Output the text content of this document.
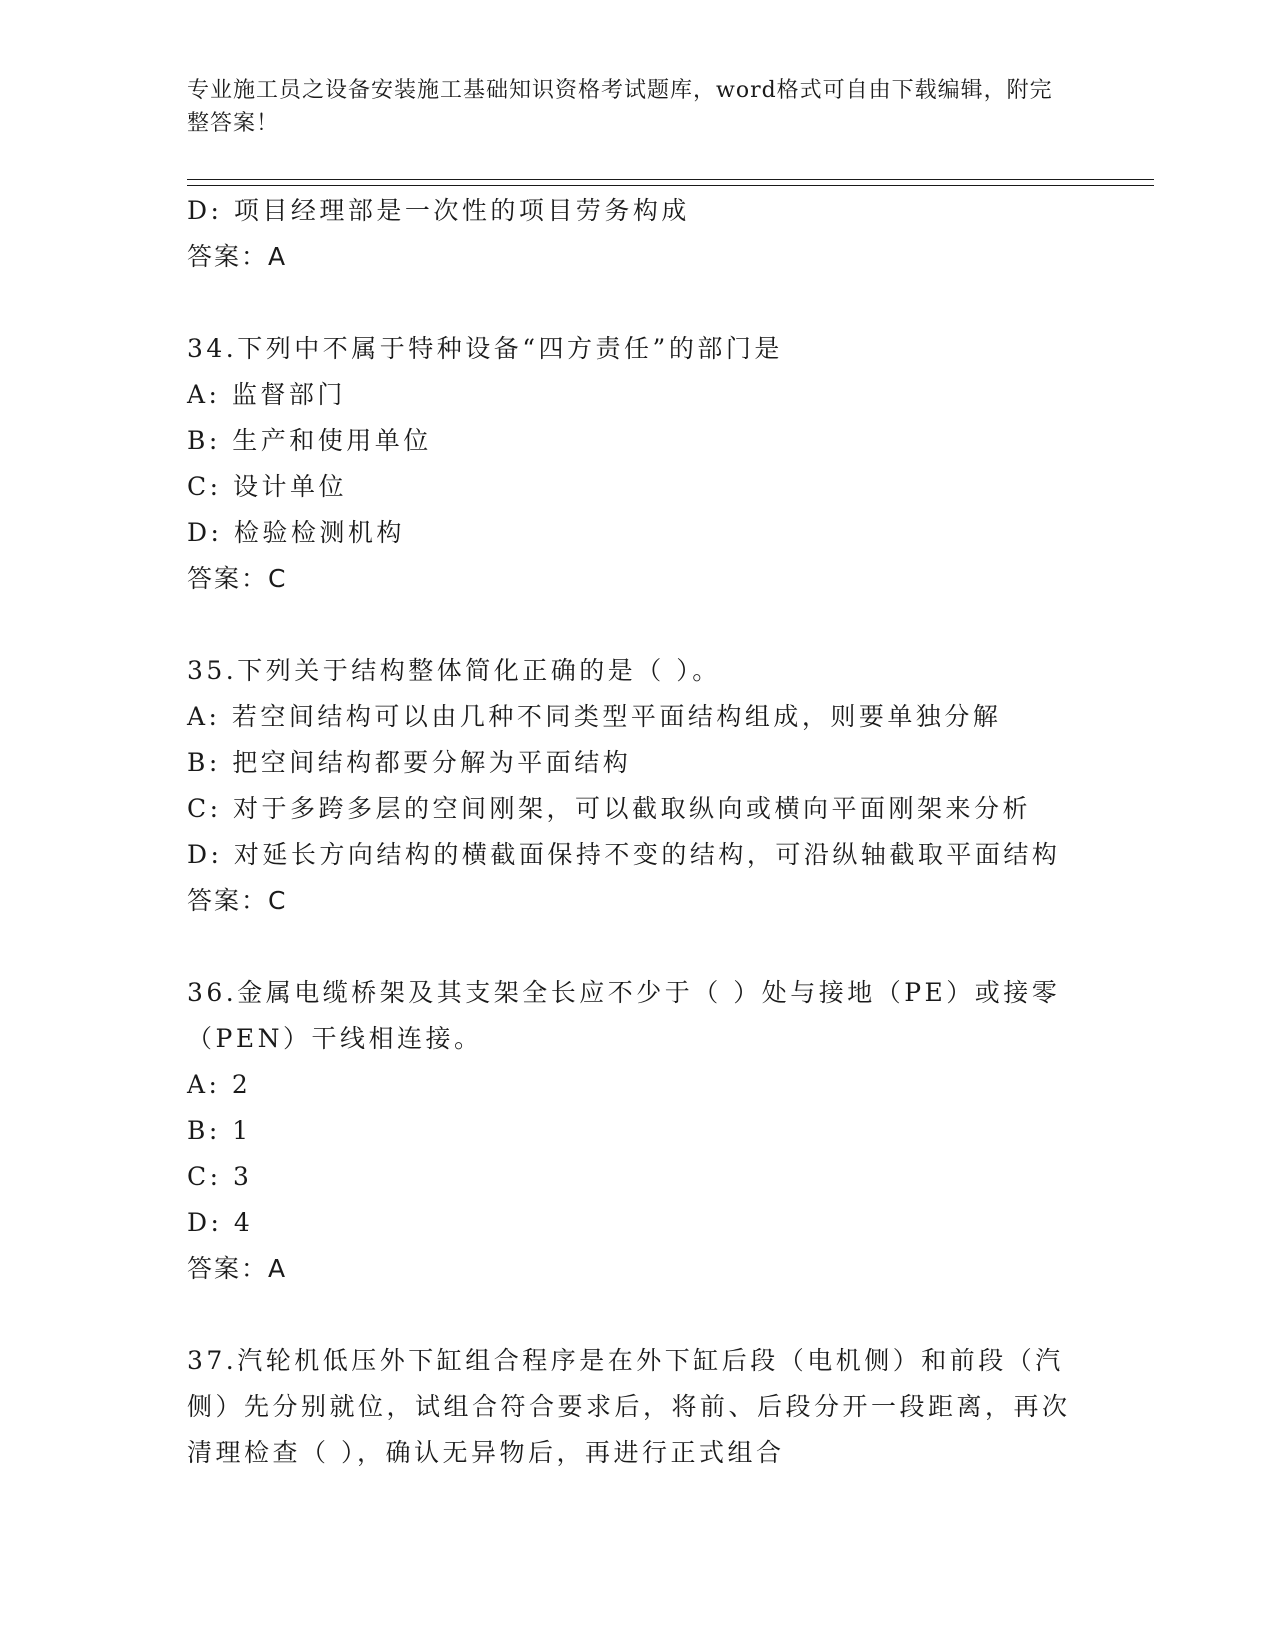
专业施工员之设备安装施工基础知识资格考试题库，word格式可自由下载编辑，附完整答案！
D: 项目经理部是一次性的项目劳务构成
答案：A
34.下列中不属于特种设备“四方责任”的部门是
A: 监督部门
B: 生产和使用单位
C: 设计单位
D: 检验检测机构
答案：C
35.下列关于结构整体简化正确的是（ ）。
A: 若空间结构可以由几种不同类型平面结构组成，则要单独分解
B: 把空间结构都要分解为平面结构
C: 对于多跨多层的空间刚架，可以截取纵向或横向平面刚架来分析
D: 对延长方向结构的横截面保持不变的结构，可沿纵轴截取平面结构
答案：C
36.金属电缆桥架及其支架全长应不少于（ ）处与接地（PE）或接零（PEN）干线相连接。
A: 2
B: 1
C: 3
D: 4
答案：A
37.汽轮机低压外下缸组合程序是在外下缸后段（电机侧）和前段（汽侧）先分别就位，试组合符合要求后，将前、后段分开一段距离，再次清理检查（ ），确认无异物后，再进行正式组合
